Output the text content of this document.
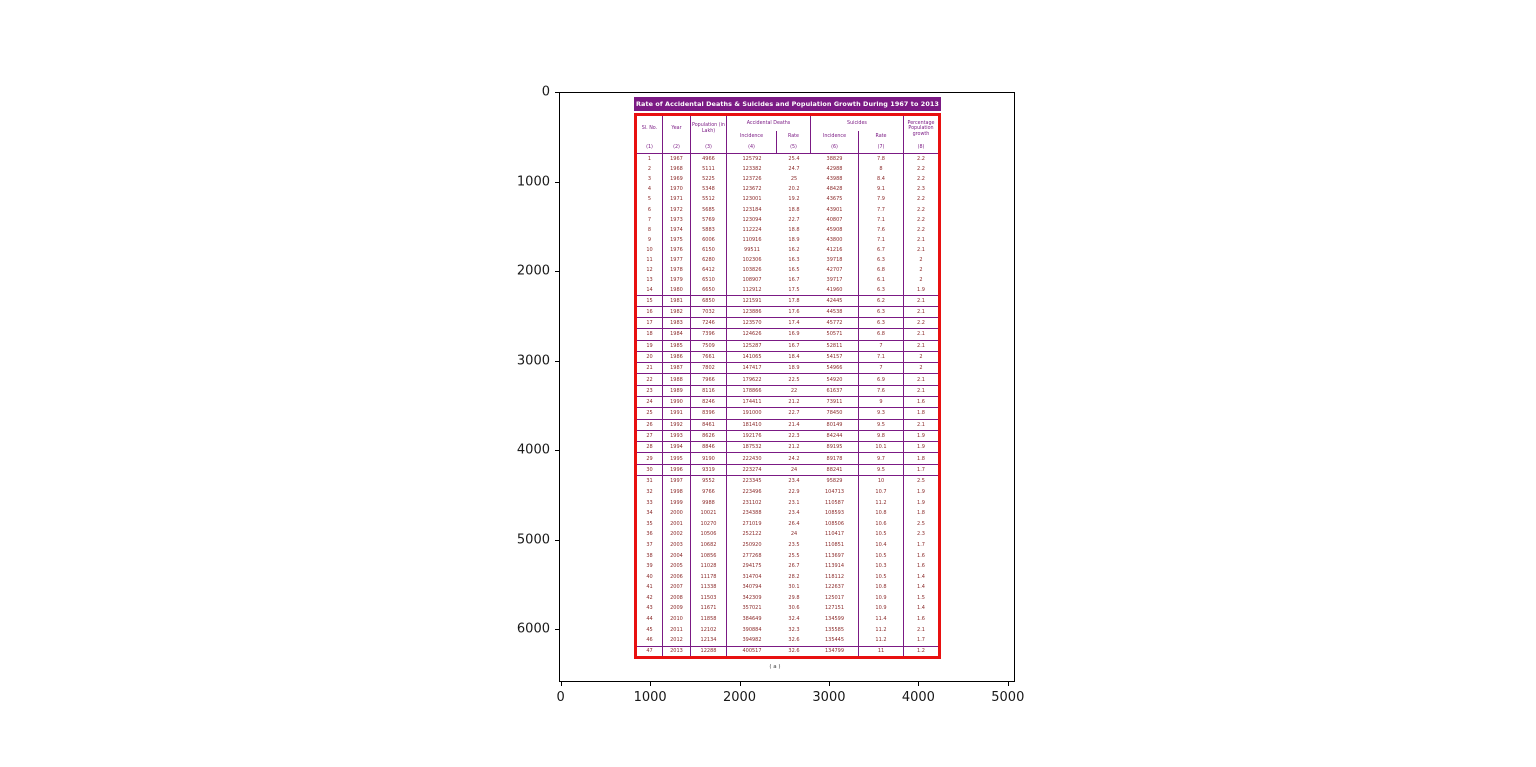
0	1000	2000	3000	4000	5000
0
1000
2000
3000
4000
5000
6000
Rate of Accidental Deaths & Suicides and Population Growth During 1967 to 2013
Sl. No.	Year
Population (in Lakh)
Accidental Deaths	Suicides	Percentage Population growth
Incidence	Rate	Incidence	Rate
(1)	(2)	(3)	(4)	(5)	(6)	(7)	(8)
1	1967	4966	125792	25.4	38829	7.8	2.2
2	1968	5111	123382	24.7	42988	8	2.2
3	1969	5225	123726	25	43988	8.4	2.2
4	1970	5348	123672	20.2	48428	9.1	2.3
5	1971	5512	123001	19.2	43675	7.9	2.2
6	1972	5685	123184	18.8	43901	7.7	2.2
7	1973	5769	123094	22.7	40807	7.1	2.2
8	1974	5883	112224	18.8	45908	7.6	2.2
9	1975	6006	110916	18.9	43800	7.1	2.1
10	1976	6150	99511	16.2	41216	6.7	2.1
11	1977	6280	102306	16.3	39718	6.3	2
12	1978	6412	103826	16.5	42707	6.8	2
13	1979	6510	108907	16.7	39717	6.1	2
14	1980	6650	112912	17.5	41960	6.3	1.9
15	1981	6850	121591	17.8	42445	6.2	2.1
16	1982	7032	123886	17.6	44538	6.3	2.1
17	1983	7246	123570	17.4	45772	6.3	2.2
18	1984	7396	124626	16.9	50571	6.8	2.1
19	1985	7509	125287	16.7	52811	7	2.1
20	1986	7661	141065	18.4	54157	7.1	2
21	1987	7802	147417	18.9	54966	7	2
22	1988	7966	179622	22.5	54920	6.9	2.1
23	1989	8116	178866	22	61637	7.6	2.1
24	1990	8246	174411	21.2	73911	9	1.6
25	1991	8396	191000	22.7	78450	9.3	1.8
26	1992	8461	181410	21.4	80149	9.5	2.1
27	1993	8626	192176	22.3	84244	9.8	1.9
28	1994	8846	187532	21.2	89195	10.1	1.9
29	1995	9190	222430	24.2	89178	9.7	1.8
30	1996	9319	223274	24	88241	9.5	1.7
31	1997	9552	223345	23.4	95829	10	2.5
32	1998	9766	223496	22.9	104713	10.7	1.9
33	1999	9988	231102	23.1	110587	11.2	1.9
34	2000	10021	234388	23.4	108593	10.8	1.8
35	2001	10270	271019	26.4	108506	10.6	2.5
36	2002	10506	252122	24	110417	10.5	2.3
37	2003	10682	250920	23.5	110851	10.4	1.7
38	2004	10856	277268	25.5	113697	10.5	1.6
39	2005	11028	294175	26.7	113914	10.3	1.6
40	2006	11178	314704	28.2	118112	10.5	1.4
41	2007	11338	340794	30.1	122637	10.8	1.4
42	2008	11503	342309	29.8	125017	10.9	1.5
43	2009	11671	357021	30.6	127151	10.9	1.4
44	2010	11858	384649	32.4	134599	11.4	1.6
45	2011	12102	390884	32.3	135585	11.2	2.1
46	2012	12134	394982	32.6	135445	11.2	1.7
47	2013	12288	400517	32.6	134799	11	1.2
( a )
